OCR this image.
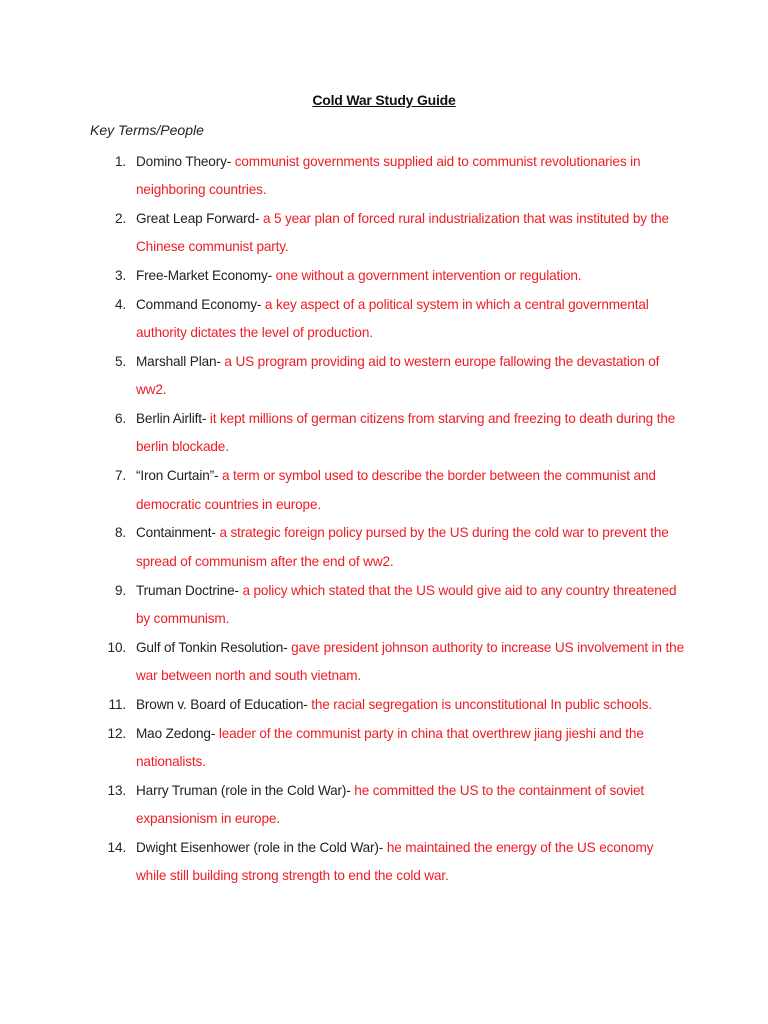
Cold War Study Guide
Key Terms/People
1. Domino Theory- communist governments supplied aid to communist revolutionaries in neighboring countries.
2. Great Leap Forward- a 5 year plan of forced rural industrialization that was instituted by the Chinese communist party.
3. Free-Market Economy- one without a government intervention or regulation.
4. Command Economy- a key aspect of a political system in which a central governmental authority dictates the level of production.
5. Marshall Plan- a US program providing aid to western europe fallowing the devastation of ww2.
6. Berlin Airlift- it kept millions of german citizens from starving and freezing to death during the berlin blockade.
7. “Iron Curtain”- a term or symbol used to describe the border between the communist and democratic countries in europe.
8. Containment- a strategic foreign policy pursed by the US during the cold war to prevent the spread of communism after the end of ww2.
9. Truman Doctrine- a policy which stated that the US would give aid to any country threatened by communism.
10. Gulf of Tonkin Resolution- gave president johnson authority to increase US involvement in the war between north and south vietnam.
11. Brown v. Board of Education- the racial segregation is unconstitutional In public schools.
12. Mao Zedong- leader of the communist party in china that overthrew jiang jieshi and the nationalists.
13. Harry Truman (role in the Cold War)- he committed the US to the containment of soviet expansionism in europe.
14. Dwight Eisenhower (role in the Cold War)- he maintained the energy of the US economy while still building strong strength to end the cold war.
